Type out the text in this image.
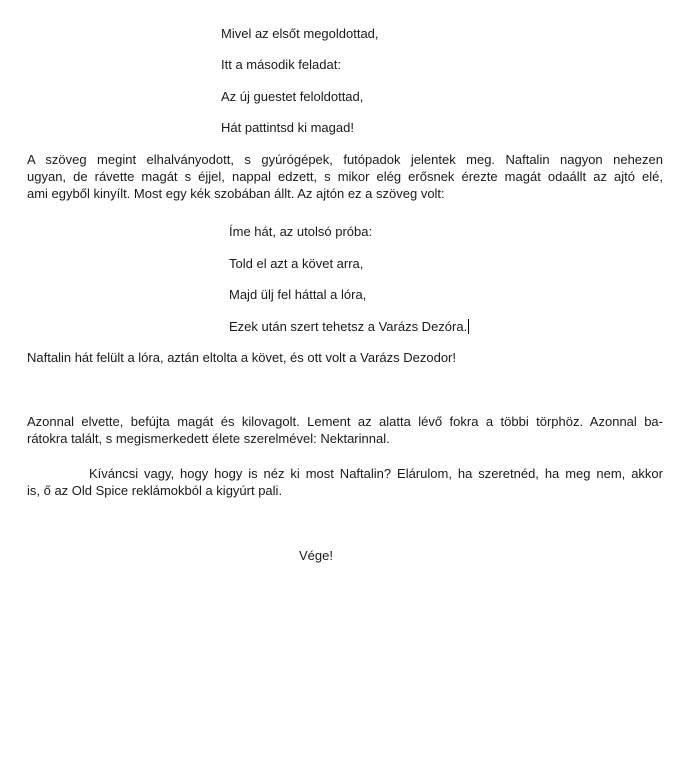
Mivel az elsőt megoldottad,

Itt a második feladat:

Az új guestet feloldottad,

Hát pattintsd ki magad!

A szöveg megint elhalványodott, s gyúrógépek, futópadok jelentek meg. Naftalin nagyon nehezen
ugyan, de rávette magát s éjjel, nappal edzett, s mikor elég erősnek érezte magát odaállt az ajtó elé,
ami egyből kinyílt. Most egy kék szobában állt. Az ajtón ez a szöveg volt:

Íme hát, az utolsó próba:

Told el azt a követ arra,

Majd ülj fel háttal a lóra,

Ezek után szert tehetsz a Varázs Dezóra.

Naftalin hát felült a lóra, aztán eltolta a követ, és ott volt a Varázs Dezodor!

Azonnal elvette, befújta magát és kilovagolt. Lement az alatta lévő fokra a többi törphöz. Azonnal ba-
rátokra talált, s megismerkedett élete szerelmével: Nektarinnal.
Kíváncsi vagy, hogy hogy is néz ki most Naftalin? Elárulom, ha szeretnéd, ha meg nem, akkor
is, ő az Old Spice reklámokból a kigyúrt pali.

Vége!
